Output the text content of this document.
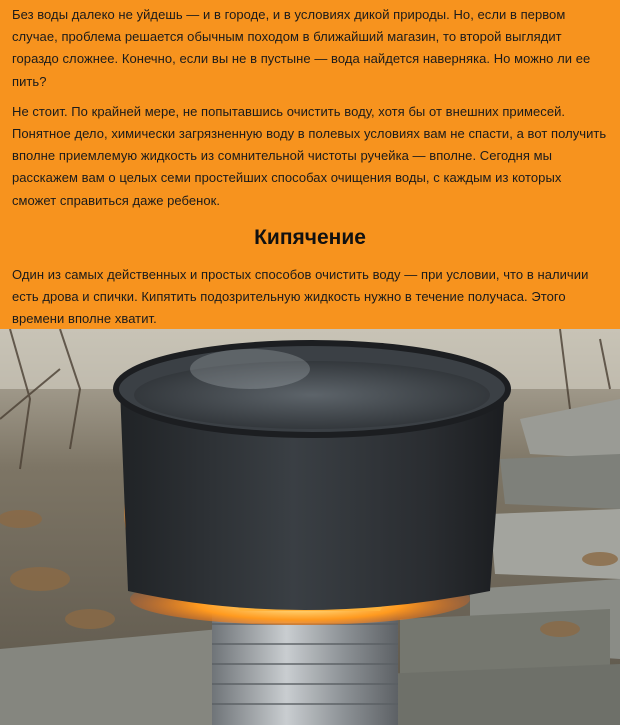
Без воды далеко не уйдешь — и в городе, и в условиях дикой природы. Но, если в первом случае, проблема решается обычным походом в ближайший магазин, то второй выглядит гораздо сложнее. Конечно, если вы не в пустыне — вода найдется наверняка. Но можно ли ее пить?

Не стоит. По крайней мере, не попытавшись очистить воду, хотя бы от внешних примесей. Понятное дело, химически загрязненную воду в полевых условиях вам не спасти, а вот получить вполне приемлемую жидкость из сомнительной чистоты ручейка — вполне. Сегодня мы расскажем вам о целых семи простейших способах очищения воды, с каждым из которых сможет справиться даже ребенок.

Кипячение

Один из самых действенных и простых способов очистить воду — при условии, что в наличии есть дрова и спички. Кипятить подозрительную жидкость нужно в течение получаса. Этого времени вполне хватит.
